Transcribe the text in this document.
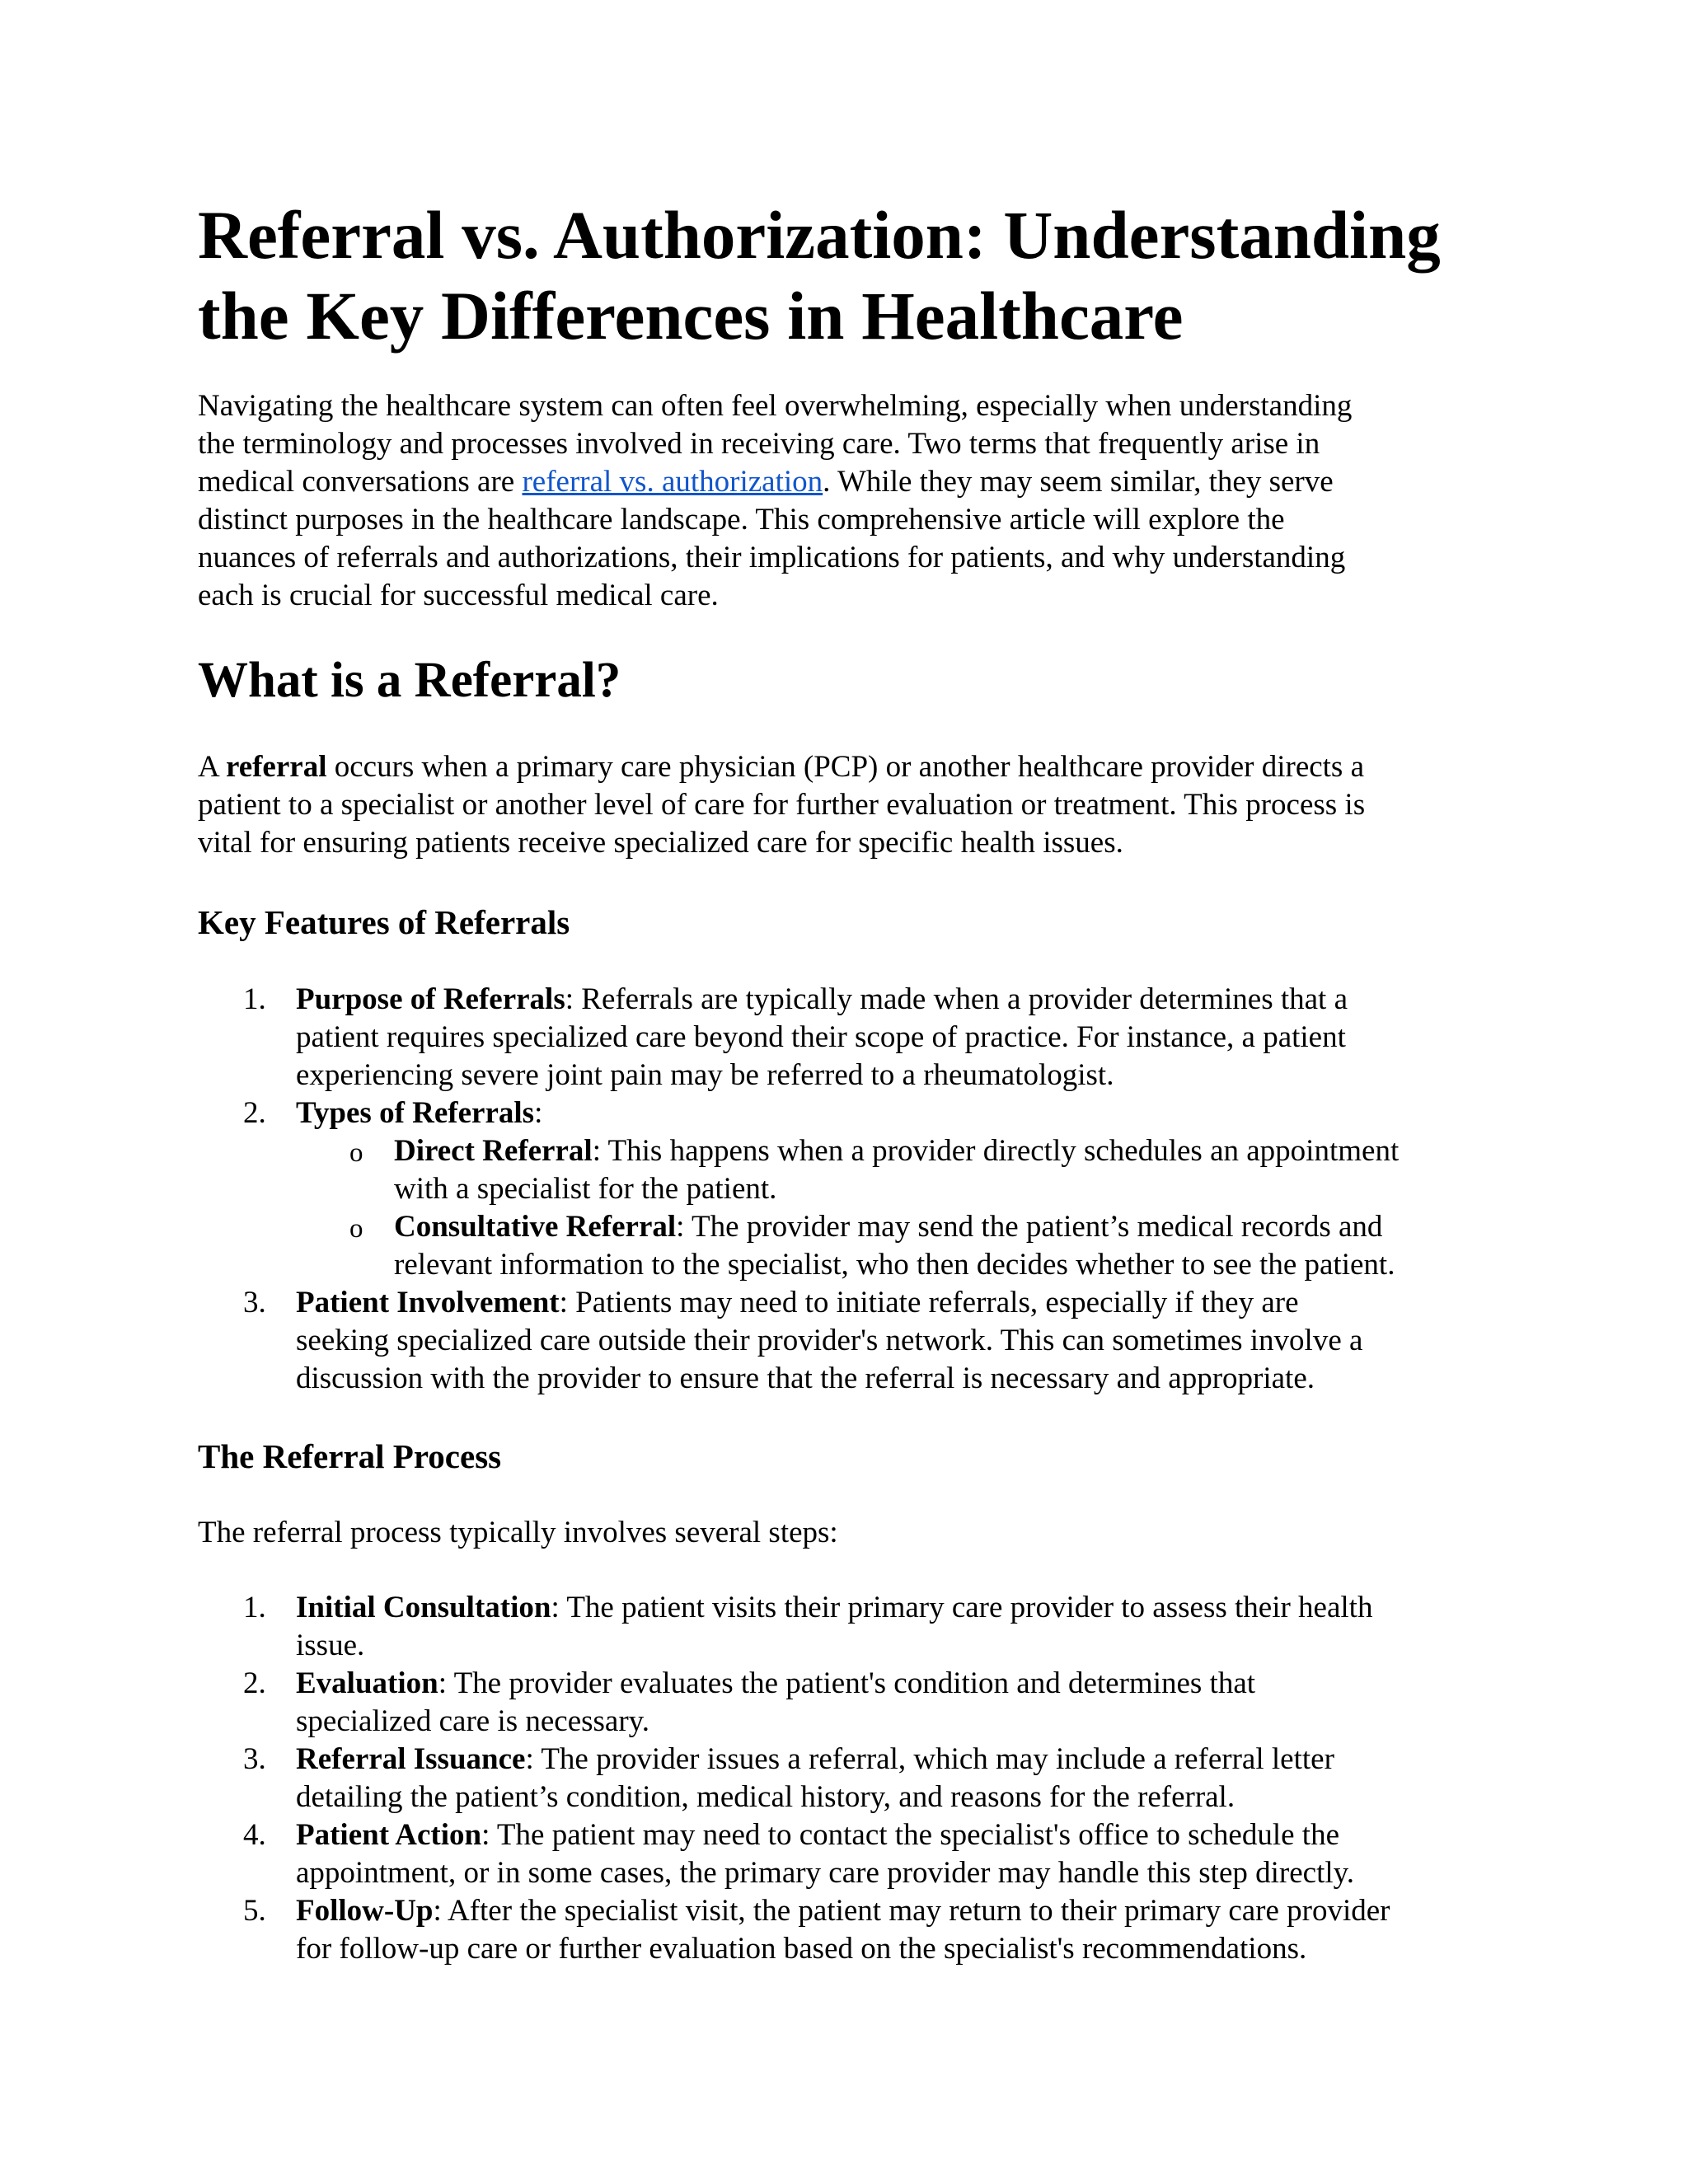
Referral vs. Authorization: Understanding
the Key Differences in Healthcare

Navigating the healthcare system can often feel overwhelming, especially when understanding
the terminology and processes involved in receiving care. Two terms that frequently arise in
medical conversations are referral vs. authorization. While they may seem similar, they serve
distinct purposes in the healthcare landscape. This comprehensive article will explore the
nuances of referrals and authorizations, their implications for patients, and why understanding
each is crucial for successful medical care.

What is a Referral?

A referral occurs when a primary care physician (PCP) or another healthcare provider directs a
patient to a specialist or another level of care for further evaluation or treatment. This process is
vital for ensuring patients receive specialized care for specific health issues.

Key Features of Referrals
1. Purpose of Referrals: Referrals are typically made when a provider determines that a
patient requires specialized care beyond their scope of practice. For instance, a patient
experiencing severe joint pain may be referred to a rheumatologist.
2. Types of Referrals:
o Direct Referral: This happens when a provider directly schedules an appointment
with a specialist for the patient.
o Consultative Referral: The provider may send the patient’s medical records and
relevant information to the specialist, who then decides whether to see the patient.
3. Patient Involvement: Patients may need to initiate referrals, especially if they are
seeking specialized care outside their provider's network. This can sometimes involve a
discussion with the provider to ensure that the referral is necessary and appropriate.
The Referral Process

The referral process typically involves several steps:

1. Initial Consultation: The patient visits their primary care provider to assess their health
issue.
2. Evaluation: The provider evaluates the patient's condition and determines that
specialized care is necessary.
3. Referral Issuance: The provider issues a referral, which may include a referral letter
detailing the patient’s condition, medical history, and reasons for the referral.
4. Patient Action: The patient may need to contact the specialist's office to schedule the
appointment, or in some cases, the primary care provider may handle this step directly.
5. Follow-Up: After the specialist visit, the patient may return to their primary care provider
for follow-up care or further evaluation based on the specialist's recommendations.
